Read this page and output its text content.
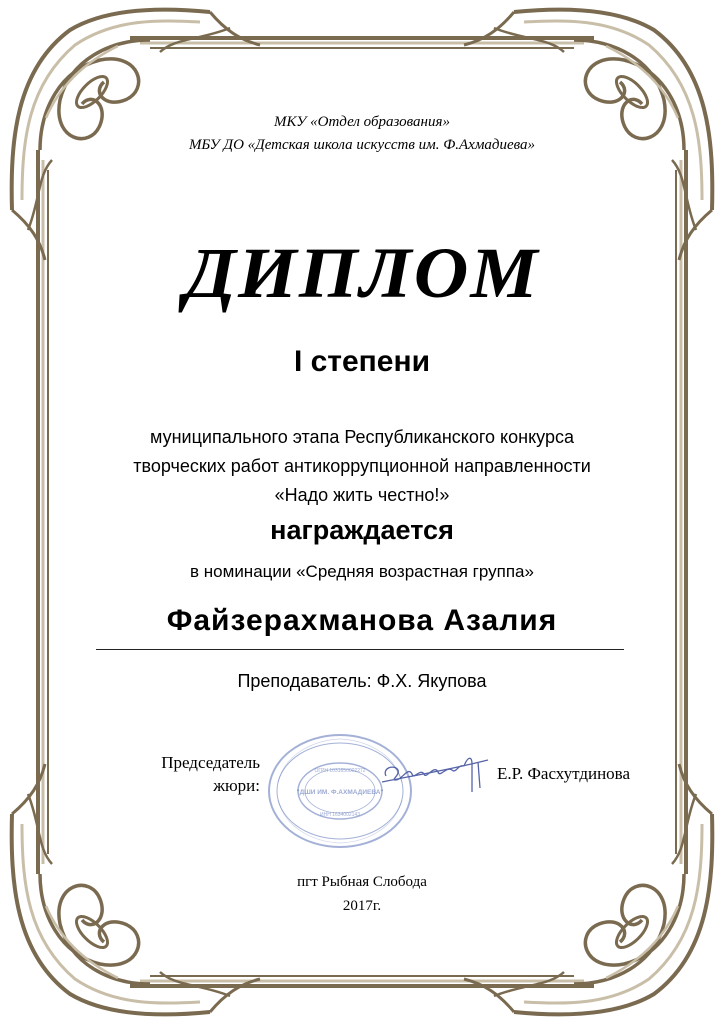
МКУ «Отдел образования»
МБУ ДО «Детская школа искусств им. Ф.Ахмадиева»
ДИПЛОМ
I степени
муниципального этапа Республиканского конкурса
творческих работ антикоррупционной направленности
«Надо жить честно!»
награждается
в номинации «Средняя возрастная группа»
Файзерахманова Азалия
Преподаватель: Ф.Х. Якупова
Председатель
жюри:	"ДШИ ИМ. Ф.АХМАДИЕВА"
ОГРН 1031650002272
ИНН 1634002143
Е.Р. Фасхутдинова
пгт Рыбная Слобода
2017г.
